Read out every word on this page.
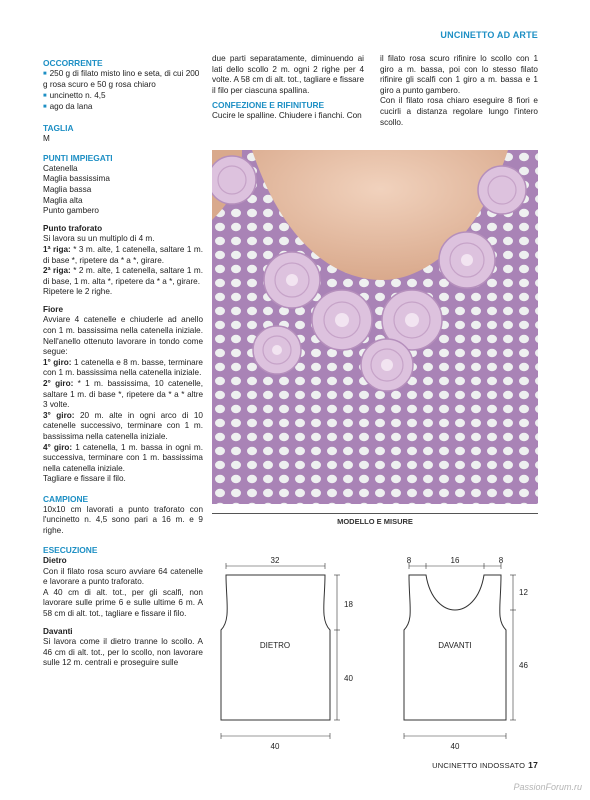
UNCINETTO AD ARTE
OCCORRENTE
■ 250 g di filato misto lino e seta, di cui 200 g rosa scuro e 50 g rosa chiaro
■ uncinetto n. 4,5
■ ago da lana
TAGLIA
M
PUNTI IMPIEGATI
Catenella
Maglia bassissima
Maglia bassa
Maglia alta
Punto gambero
Punto traforato
Si lavora su un multiplo di 4 m.
1ª riga: * 3 m. alte, 1 catenella, saltare 1 m. di base *, ripetere da * a *, girare.
2ª riga: * 2 m. alte, 1 catenella, saltare 1 m. di base, 1 m. alta *, ripetere da * a *, girare.
Ripetere le 2 righe.
Fiore
Avviare 4 catenelle e chiuderle ad anello con 1 m. bassissima nella catenella iniziale. Nell'anello ottenuto lavorare in tondo come segue:
1° giro: 1 catenella e 8 m. basse, terminare con 1 m. bassissima nella catenella iniziale.
2° giro: * 1 m. bassissima, 10 catenelle, saltare 1 m. di base *, ripetere da * a * altre 3 volte.
3° giro: 20 m. alte in ogni arco di 10 catenelle successivo, terminare con 1 m. bassissima nella catenella iniziale.
4° giro: 1 catenella, 1 m. bassa in ogni m. successiva, terminare con 1 m. bassissima nella catenella iniziale.
Tagliare e fissare il filo.
CAMPIONE
10x10 cm lavorati a punto traforato con l'uncinetto n. 4,5 sono pari a 16 m. e 9 righe.
ESECUZIONE
Dietro
Con il filato rosa scuro avviare 64 catenelle e lavorare a punto traforato.
A 40 cm di alt. tot., per gli scalfi, non lavorare sulle prime 6 e sulle ultime 6 m. A 58 cm di alt. tot., tagliare e fissare il filo.
Davanti
Si lavora come il dietro tranne lo scollo. A 46 cm di alt. tot., per lo scollo, non lavorare sulle 12 m. centrali e proseguire sulle
due parti separatamente, diminuendo ai lati dello scollo 2 m. ogni 2 righe per 4 volte. A 58 cm di alt. tot., tagliare e fissare il filo per ciascuna spallina.
CONFEZIONE E RIFINITURE
Cucire le spalline. Chiudere i fianchi. Con
il filato rosa scuro rifinire lo scollo con 1 giro a m. bassa, poi con lo stesso filato rifinire gli scalfi con 1 giro a m. bassa e 1 giro a punto gambero.
Con il filato rosa chiaro eseguire 8 fiori e cucirli a distanza regolare lungo l'intero scollo.
MODELLO E MISURE
32
18
40
40
DIETRO
8	16	8
12
46
40
DAVANTI
UNCINETTO INDOSSATO 17
PassionForum.ru
